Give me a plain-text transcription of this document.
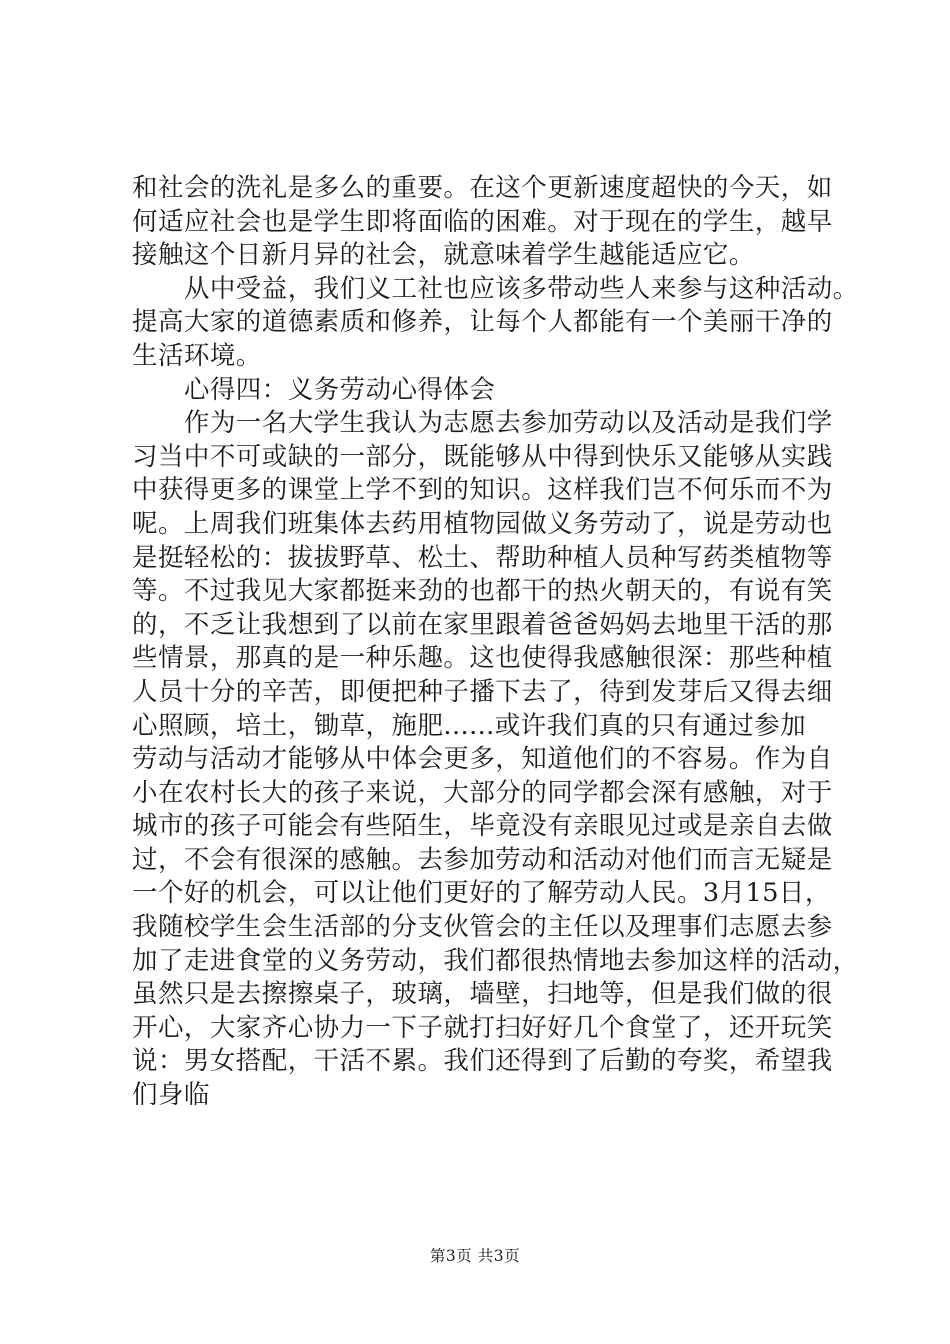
和社会的洗礼是多么的重要。在这个更新速度超快的今天，如
何适应社会也是学生即将面临的困难。对于现在的学生，越早
接触这个日新月异的社会，就意味着学生越能适应它。
　　从中受益，我们义工社也应该多带动些人来参与这种活动。
提高大家的道德素质和修养，让每个人都能有一个美丽干净的
生活环境。
　　心得四：义务劳动心得体会
　　作为一名大学生我认为志愿去参加劳动以及活动是我们学
习当中不可或缺的一部分，既能够从中得到快乐又能够从实践
中获得更多的课堂上学不到的知识。这样我们岂不何乐而不为
呢。上周我们班集体去药用植物园做义务劳动了，说是劳动也
是挺轻松的：拔拔野草、松土、帮助种植人员种写药类植物等
等。不过我见大家都挺来劲的也都干的热火朝天的，有说有笑
的，不乏让我想到了以前在家里跟着爸爸妈妈去地里干活的那
些情景，那真的是一种乐趣。这也使得我感触很深：那些种植
人员十分的辛苦，即便把种子播下去了，待到发芽后又得去细
心照顾，培土，锄草，施肥......或许我们真的只有通过参加
劳动与活动才能够从中体会更多，知道他们的不容易。作为自
小在农村长大的孩子来说，大部分的同学都会深有感触，对于
城市的孩子可能会有些陌生，毕竟没有亲眼见过或是亲自去做
过，不会有很深的感触。去参加劳动和活动对他们而言无疑是
一个好的机会，可以让他们更好的了解劳动人民。3月15日，
我随校学生会生活部的分支伙管会的主任以及理事们志愿去参
加了走进食堂的义务劳动，我们都很热情地去参加这样的活动，
虽然只是去擦擦桌子，玻璃，墙壁，扫地等，但是我们做的很
开心，大家齐心协力一下子就打扫好好几个食堂了，还开玩笑
说：男女搭配，干活不累。我们还得到了后勤的夸奖，希望我
们身临
第3页 共3页
